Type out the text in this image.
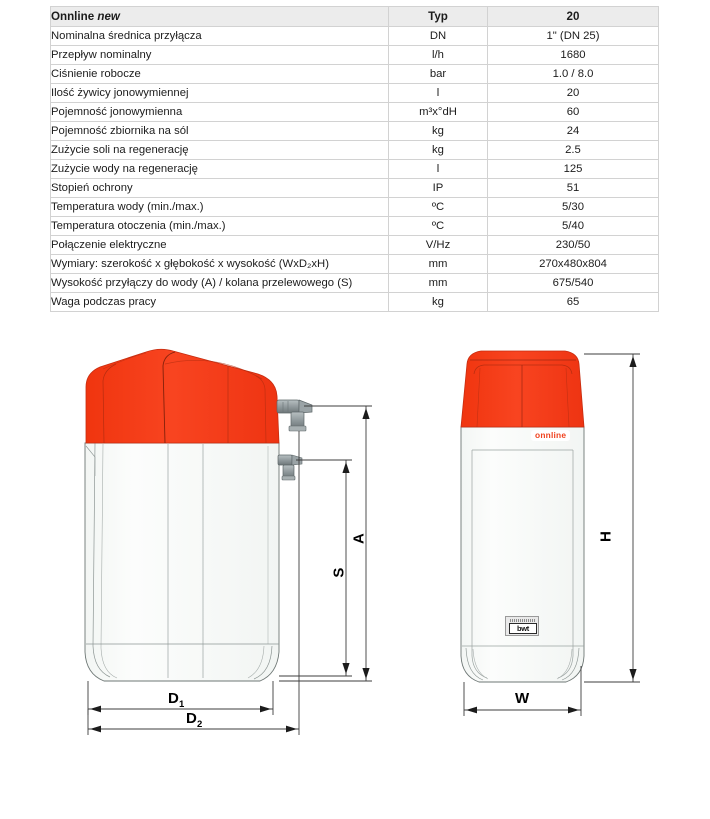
Onnline new	Typ	20
Nominalna średnica przyłącza	DN	1" (DN 25)
Przepływ nominalny	l/h	1680
Ciśnienie robocze	bar	1.0 / 8.0
Ilość żywicy jonowymiennej	l	20
Pojemność jonowymienna	m³x°dH	60
Pojemność zbiornika na sól	kg	24
Zużycie soli na regenerację	kg	2.5
Zużycie wody na regenerację	l	125
Stopień ochrony	IP	51
Temperatura wody (min./max.)	ºC	5/30
Temperatura otoczenia (min./max.)	ºC	5/40
Połączenie elektryczne	V/Hz	230/50
Wymiary: szerokość x głębokość x wysokość (WxD₂xH)	mm	270x480x804
Wysokość przyłączy do wody (A) / kolana przelewowego (S)	mm	675/540
Waga podczas pracy	kg	65
A
S
$D_1$
$D_2$
H
W
onnline
bwt
